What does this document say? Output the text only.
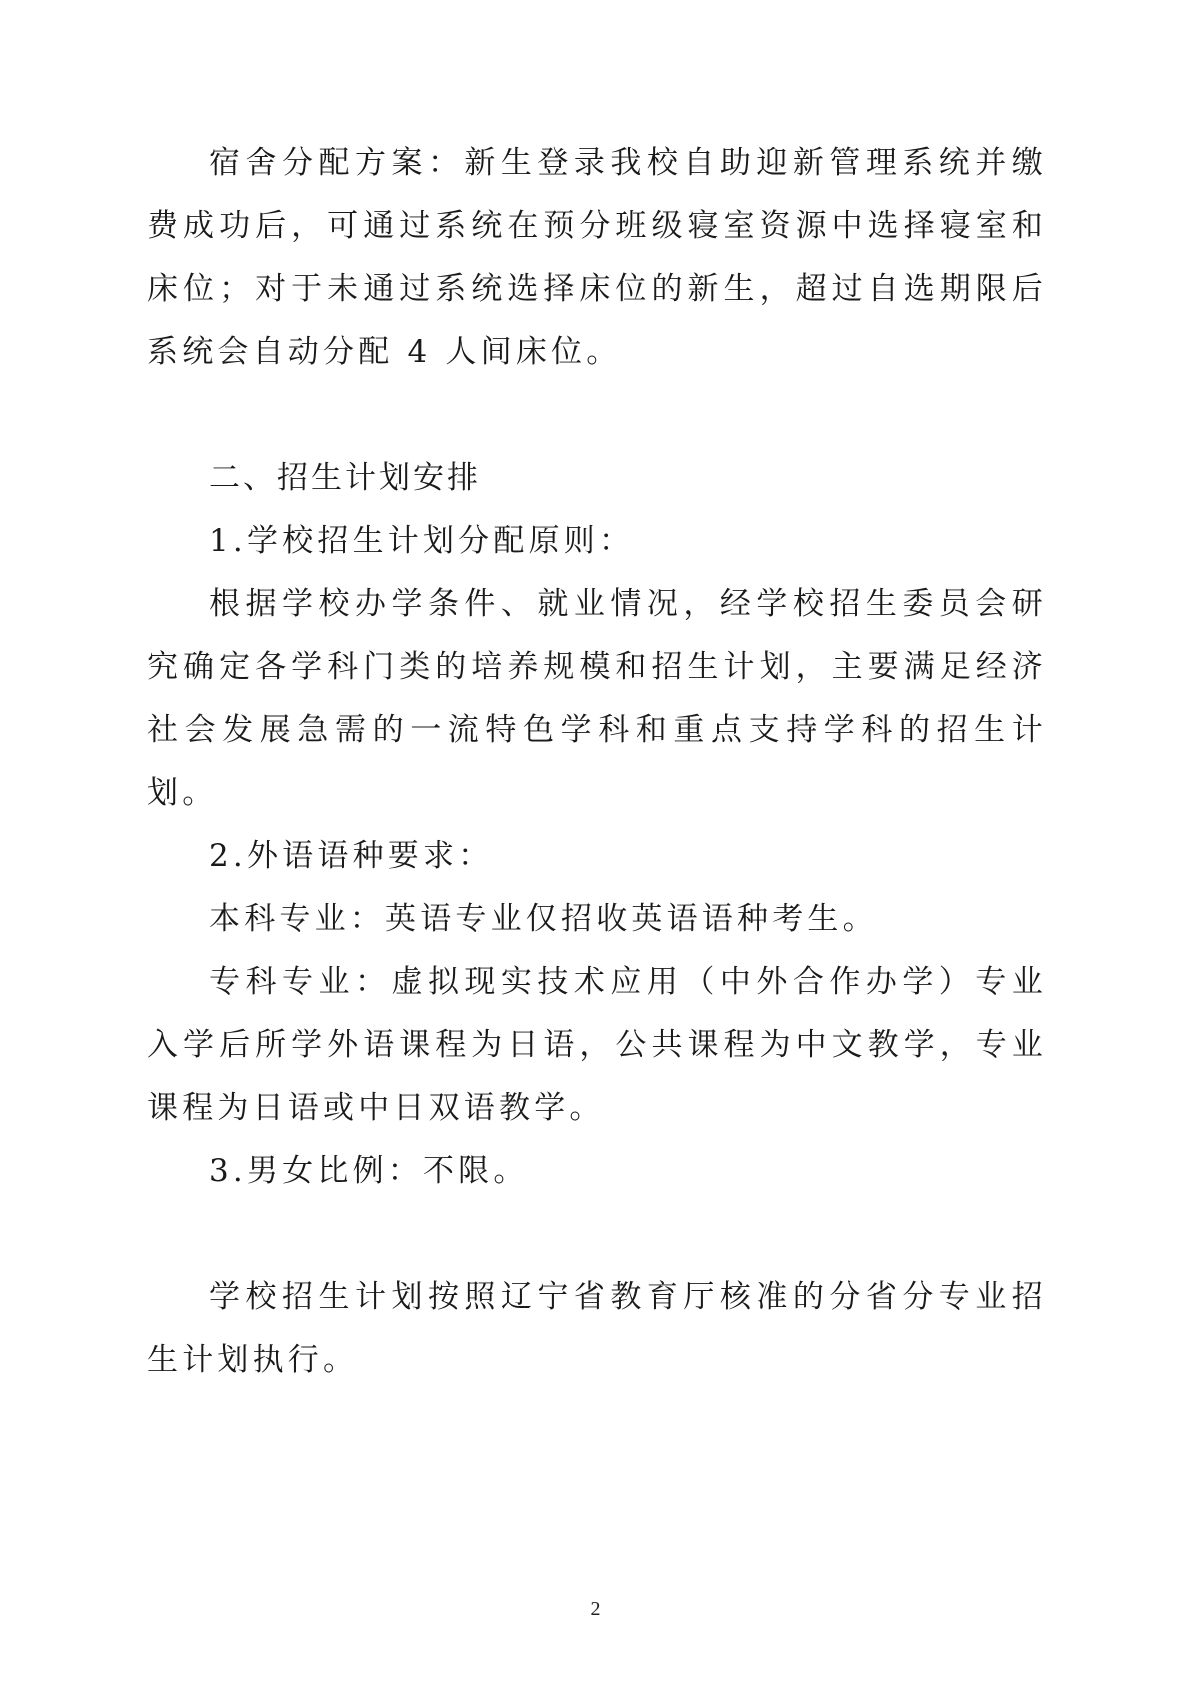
宿舍分配方案：新生登录我校自助迎新管理系统并缴费成功后，可通过系统在预分班级寝室资源中选择寝室和床位；对于未通过系统选择床位的新生，超过自选期限后系统会自动分配 4 人间床位。

二、招生计划安排

1.学校招生计划分配原则：

根据学校办学条件、就业情况，经学校招生委员会研究确定各学科门类的培养规模和招生计划，主要满足经济社会发展急需的一流特色学科和重点支持学科的招生计划。

2.外语语种要求：

本科专业：英语专业仅招收英语语种考生。

专科专业：虚拟现实技术应用（中外合作办学）专业入学后所学外语课程为日语，公共课程为中文教学，专业课程为日语或中日双语教学。

3.男女比例：不限。

学校招生计划按照辽宁省教育厅核准的分省分专业招生计划执行。

2
